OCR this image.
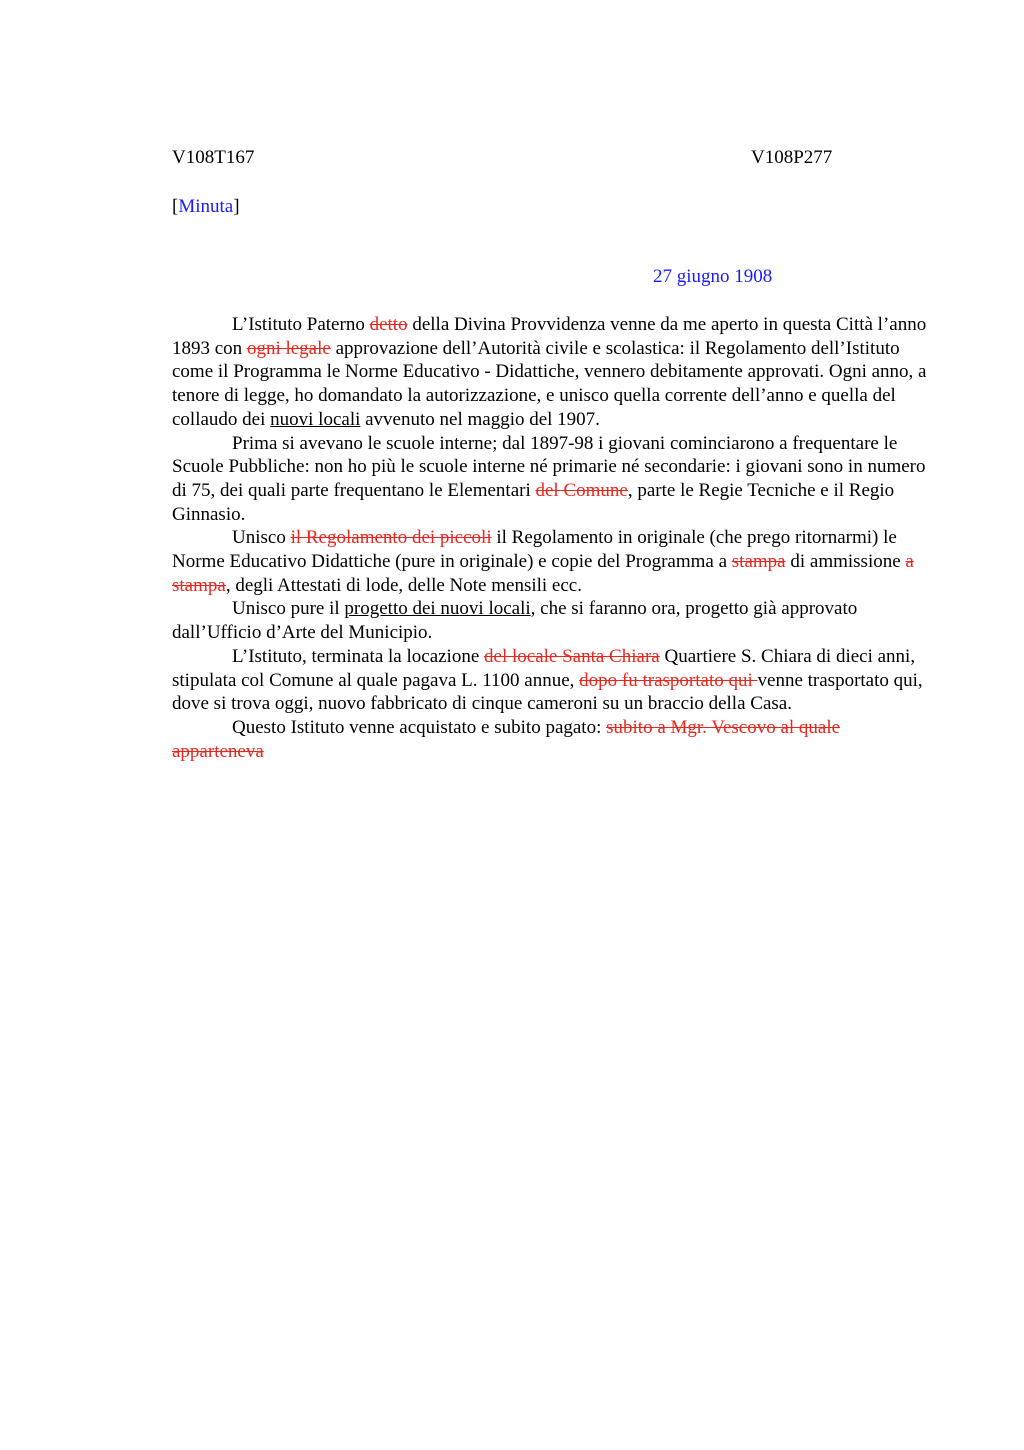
V108T167	V108P277
[Minuta]
27 giugno 1908

L’Istituto Paterno detto della Divina Provvidenza venne da me aperto in questa Città l’anno 1893 con ogni legale approvazione dell’Autorità civile e scolastica: il Regolamento dell’Istituto come il Programma le Norme Educativo - Didattiche, vennero debitamente approvati. Ogni anno, a tenore di legge, ho domandato la autorizzazione, e unisco quella corrente dell’anno e quella del collaudo dei nuovi locali avvenuto nel maggio del 1907.

Prima si avevano le scuole interne; dal 1897-98 i giovani cominciarono a frequentare le Scuole Pubbliche: non ho più le scuole interne né primarie né secondarie: i giovani sono in numero di 75, dei quali parte frequentano le Elementari del Comune, parte le Regie Tecniche e il Regio Ginnasio.

Unisco il Regolamento dei piccoli il Regolamento in originale (che prego ritornarmi) le Norme Educativo Didattiche (pure in originale) e copie del Programma a stampa di ammissione a stampa, degli Attestati di lode, delle Note mensili ecc.

Unisco pure il progetto dei nuovi locali, che si faranno ora, progetto già approvato dall’Ufficio d’Arte del Municipio.

L’Istituto, terminata la locazione del locale Santa Chiara Quartiere S. Chiara di dieci anni, stipulata col Comune al quale pagava L. 1100 annue, dopo fu trasportato qui venne trasportato qui, dove si trova oggi, nuovo fabbricato di cinque cameroni su un braccio della Casa.

Questo Istituto venne acquistato e subito pagato: subito a Mgr. Vescovo al quale apparteneva
